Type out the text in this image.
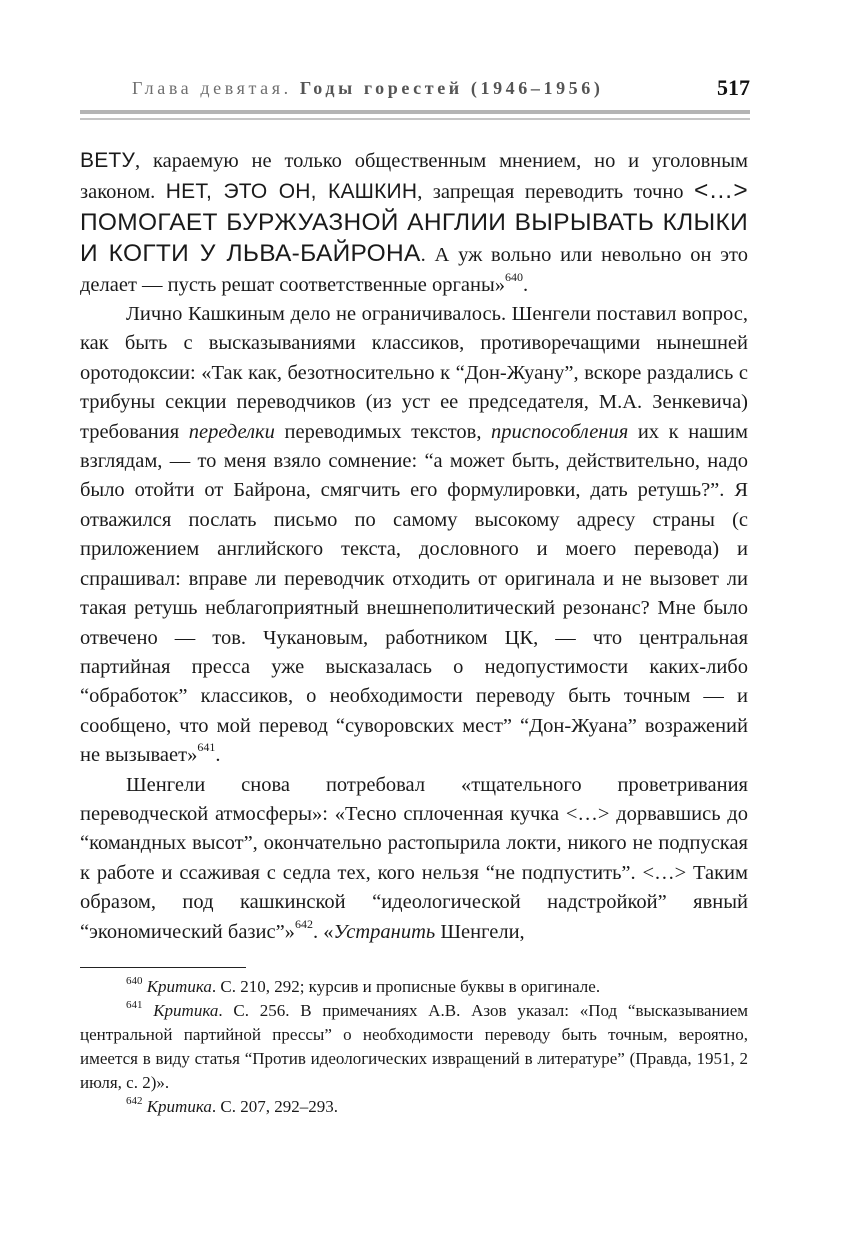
Глава девятая. Годы горестей (1946–1956)	517

ВЕТУ, караемую не только общественным мнением, но и уголовным законом. НЕТ, ЭТО ОН, КАШКИН, запрещая переводить точно <…> ПОМОГАЕТ БУРЖУАЗНОЙ АНГЛИИ ВЫРЫВАТЬ КЛЫКИ И КОГТИ У ЛЬВА-БАЙРОНА. А уж вольно или невольно он это делает — пусть решат соответственные органы»$^{640}$.

Лично Кашкиным дело не ограничивалось. Шенгели поставил вопрос, как быть с высказываниями классиков, противоречащими нынешней оротодоксии: «Так как, безотносительно к “Дон-Жуану”, вскоре раздались с трибуны секции переводчиков (из уст ее председателя, М.А. Зенкевича) требования переделки переводимых текстов, приспособления их к нашим взглядам, — то меня взяло сомнение: “а может быть, действительно, надо было отойти от Байрона, смягчить его формулировки, дать ретушь?”. Я отважился послать письмо по самому высокому адресу страны (с приложением английского текста, дословного и моего перевода) и спрашивал: вправе ли переводчик отходить от оригинала и не вызовет ли такая ретушь неблагоприятный внешнеполитический резонанс? Мне было отвечено — тов. Чукановым, работником ЦК, — что центральная партийная пресса уже высказалась о недопустимости каких-либо “обработок” классиков, о необходимости переводу быть точным — и сообщено, что мой перевод “суворовских мест” “Дон-Жуана” возражений не вызывает»$^{641}$.

Шенгели снова потребовал «тщательного проветривания переводческой атмосферы»: «Тесно сплоченная кучка <…> дорвавшись до “командных высот”, окончательно растопырила локти, никого не подпуская к работе и ссаживая с седла тех, кого нельзя “не подпустить”. <…> Таким образом, под кашкинской “идеологической надстройкой” явный “экономический базис”»$^{642}$. «Устранить Шенгели,

$^{640}$ Критика. С. 210, 292; курсив и прописные буквы в оригинале.

$^{641}$ Критика. С. 256. В примечаниях А.В. Азов указал: «Под “высказыванием центральной партийной прессы” о необходимости переводу быть точным, вероятно, имеется в виду статья “Против идеологических извращений в литературе” (Правда, 1951, 2 июля, с. 2)».

$^{642}$ Критика. С. 207, 292–293.
